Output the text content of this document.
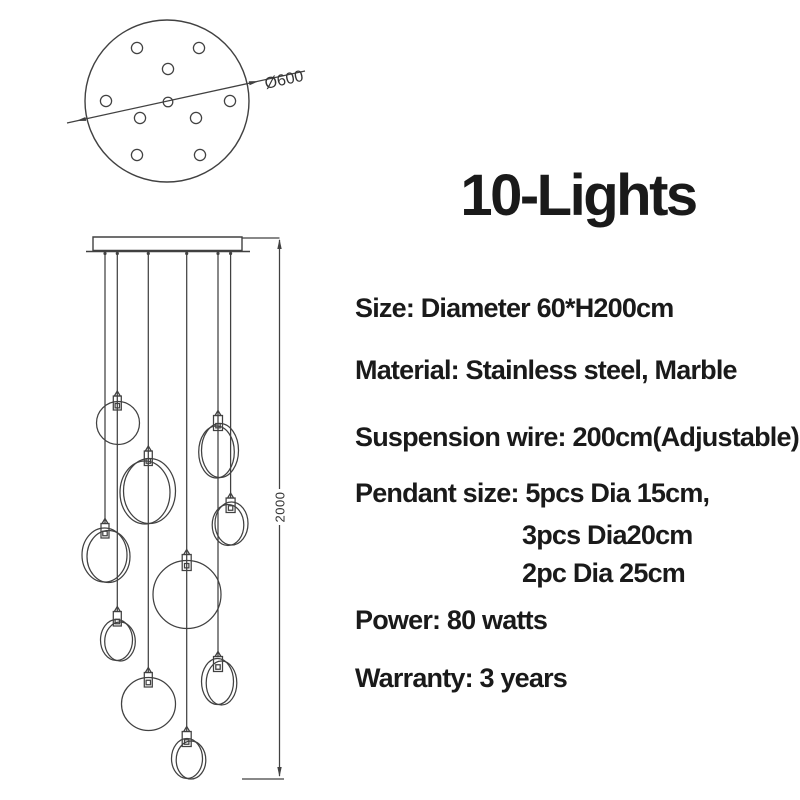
Ø600
2000
10-Lights
Size: Diameter 60*H200cm
Material: Stainless steel, Marble
Suspension wire: 200cm(Adjustable)
Pendant size: 5pcs Dia 15cm,
3pcs Dia20cm
2pc Dia 25cm
Power: 80 watts
Warranty: 3 years
